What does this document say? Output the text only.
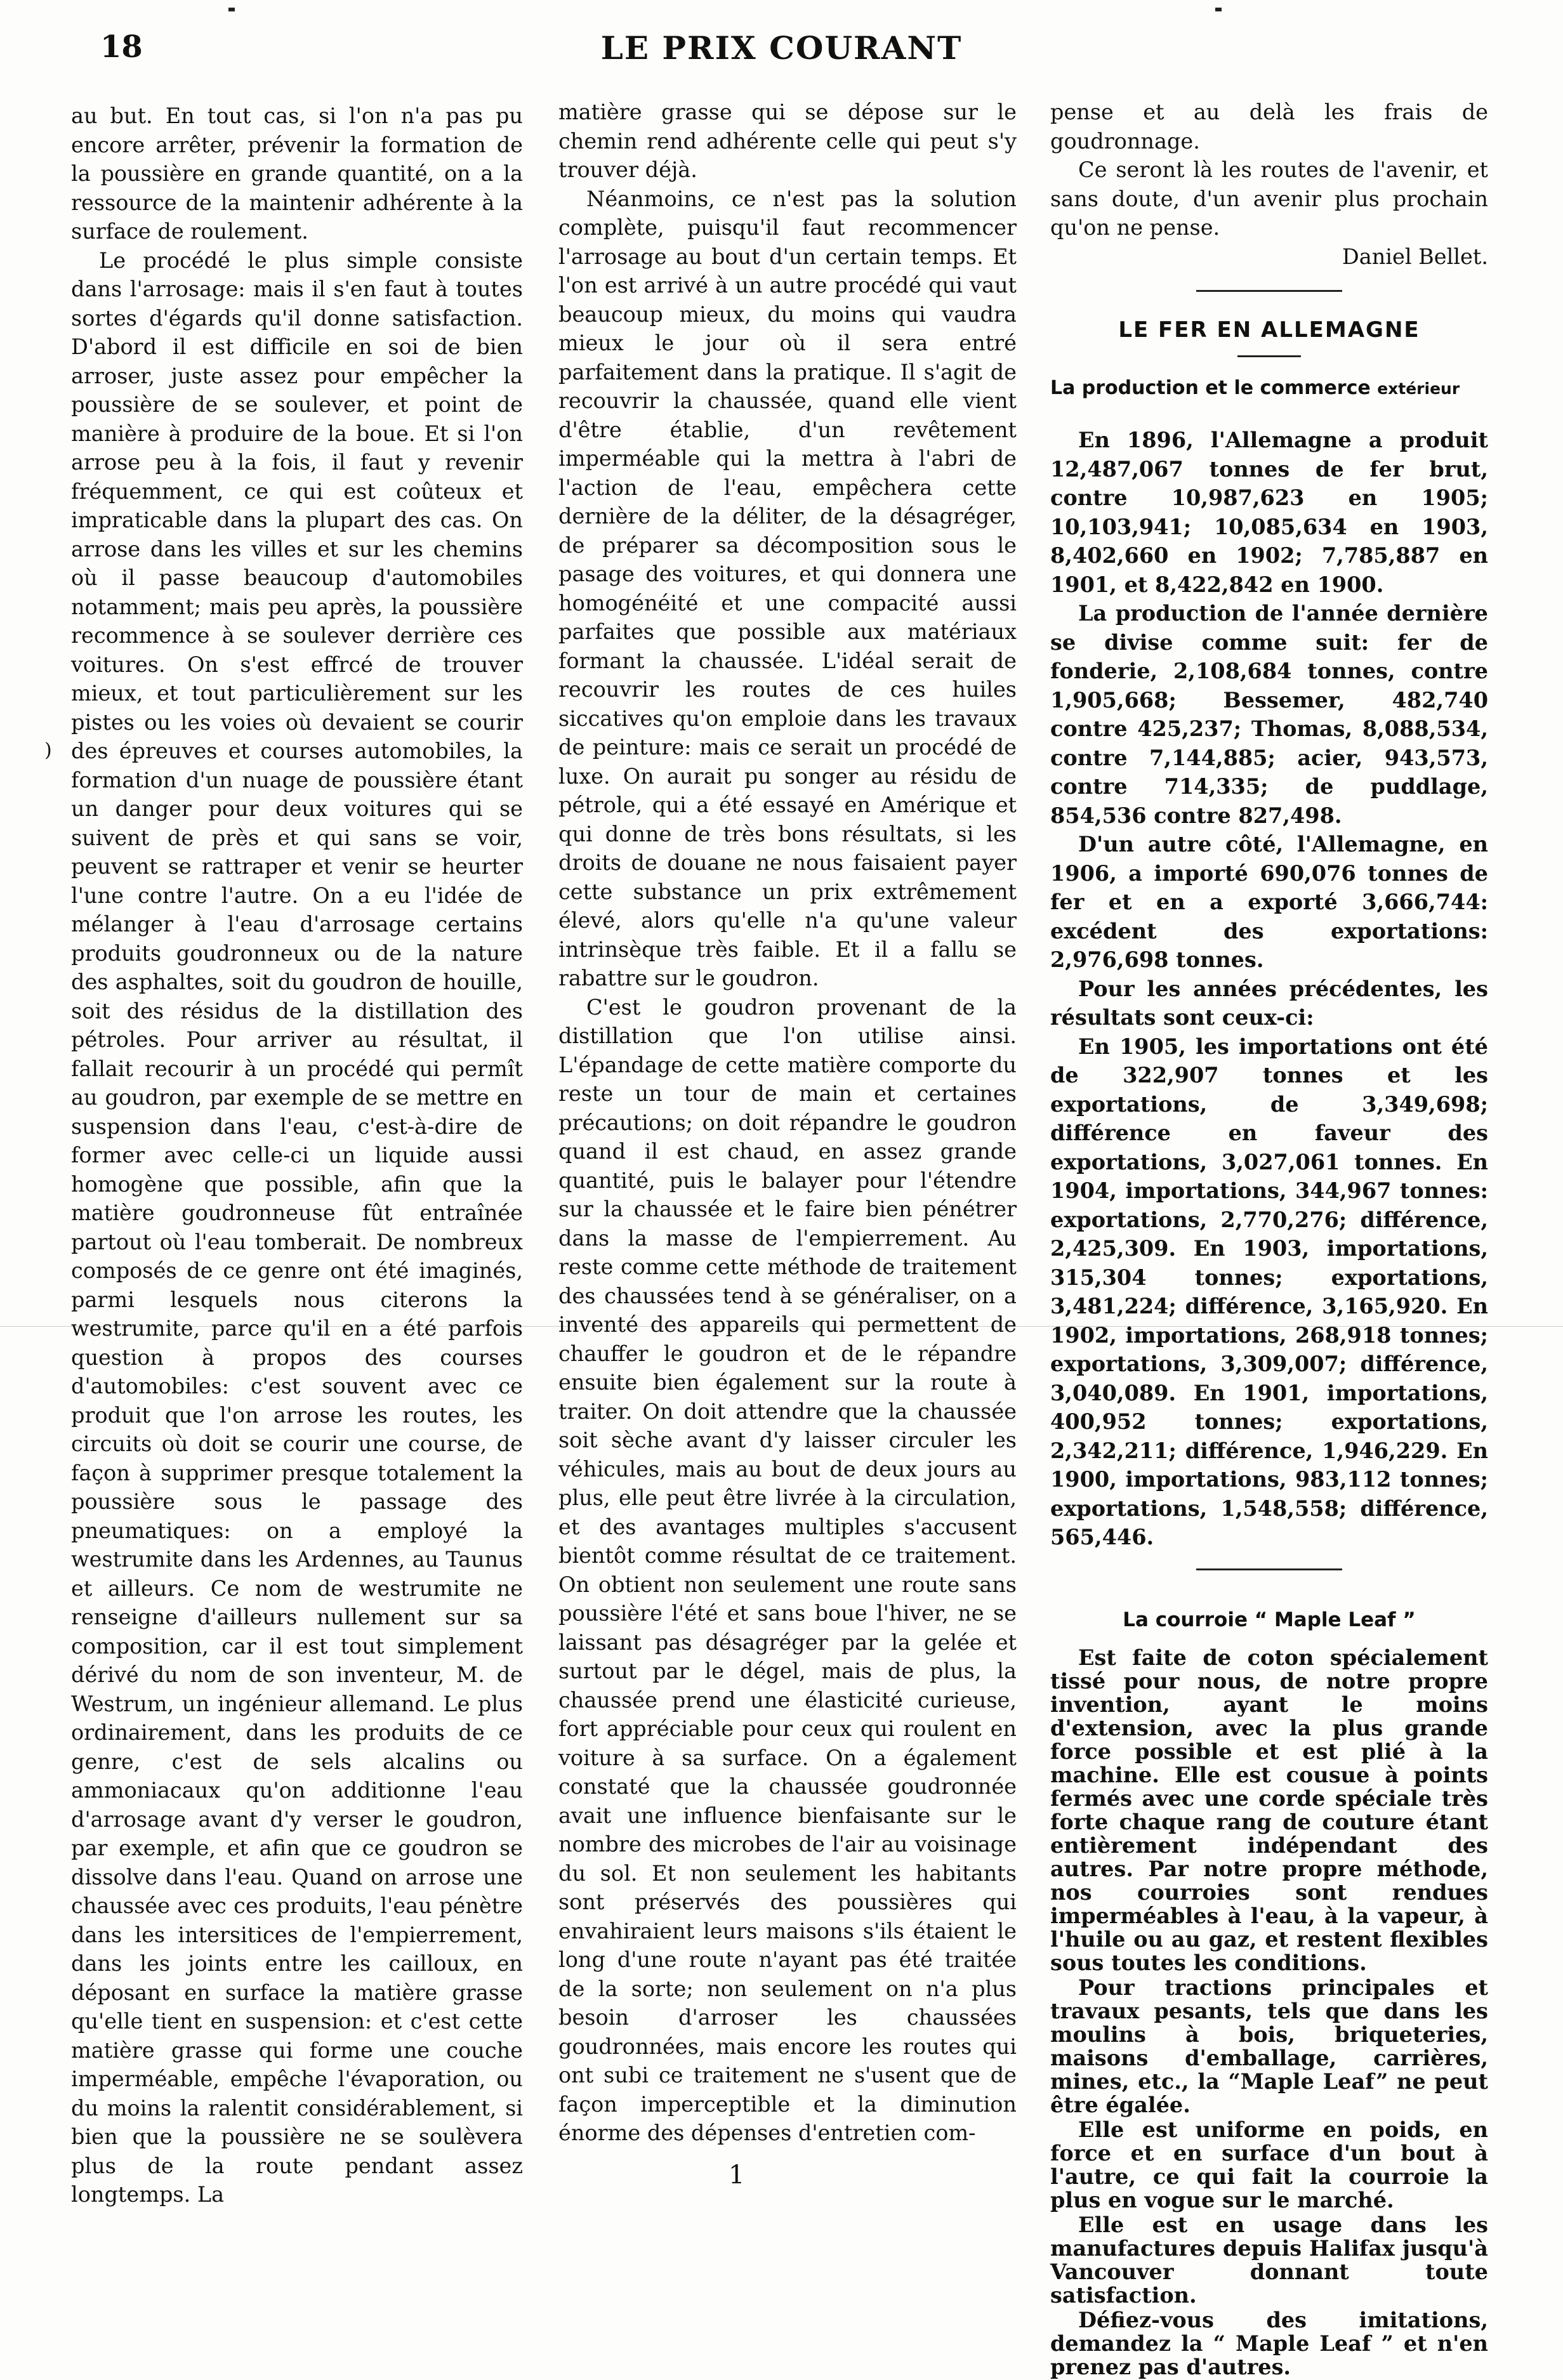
18	LE PRIX COURANT
)

au but. En tout cas, si l'on n'a pas pu encore arrêter, prévenir la formation de la poussière en grande quantité, on a la ressource de la maintenir adhérente à la surface de roulement.

Le procédé le plus simple consiste dans l'arrosage: mais il s'en faut à toutes sortes d'égards qu'il donne satisfaction. D'abord il est difficile en soi de bien arroser, juste assez pour empêcher la poussière de se soulever, et point de manière à produire de la boue. Et si l'on arrose peu à la fois, il faut y revenir fréquemment, ce qui est coûteux et impraticable dans la plupart des cas. On arrose dans les villes et sur les chemins où il passe beaucoup d'automobiles notamment; mais peu après, la poussière recommence à se soulever derrière ces voitures. On s'est effrcé de trouver mieux, et tout particulièrement sur les pistes ou les voies où devaient se courir des épreuves et courses automobiles, la formation d'un nuage de poussière étant un danger pour deux voitures qui se suivent de près et qui sans se voir, peuvent se rattraper et venir se heurter l'une contre l'autre. On a eu l'idée de mélanger à l'eau d'arrosage certains produits goudronneux ou de la nature des asphaltes, soit du goudron de houille, soit des résidus de la distillation des pétroles. Pour arriver au résultat, il fallait recourir à un procédé qui permît au goudron, par exemple de se mettre en suspension dans l'eau, c'est-à-dire de former avec celle-ci un liquide aussi homogène que possible, afin que la matière goudronneuse fût entraînée partout où l'eau tomberait. De nombreux composés de ce genre ont été imaginés, parmi lesquels nous citerons la westrumite, parce qu'il en a été parfois question à propos des courses d'automobiles: c'est souvent avec ce produit que l'on arrose les routes, les circuits où doit se courir une course, de façon à supprimer presque totalement la poussière sous le passage des pneumatiques: on a employé la westrumite dans les Ardennes, au Taunus et ailleurs. Ce nom de westrumite ne renseigne d'ailleurs nullement sur sa composition, car il est tout simplement dérivé du nom de son inventeur, M. de Westrum, un ingénieur allemand. Le plus ordinairement, dans les produits de ce genre, c'est de sels alcalins ou ammoniacaux qu'on additionne l'eau d'arrosage avant d'y verser le goudron, par exemple, et afin que ce goudron se dissolve dans l'eau. Quand on arrose une chaussée avec ces produits, l'eau pénètre dans les intersitices de l'empierrement, dans les joints entre les cailloux, en déposant en surface la matière grasse qu'elle tient en suspension: et c'est cette matière grasse qui forme une couche imperméable, empêche l'évaporation, ou du moins la ralentit considérablement, si bien que la poussière ne se soulèvera plus de la route pendant assez longtemps. La

matière grasse qui se dépose sur le chemin rend adhérente celle qui peut s'y trouver déjà.

Néanmoins, ce n'est pas la solution complète, puisqu'il faut recommencer l'arrosage au bout d'un certain temps. Et l'on est arrivé à un autre procédé qui vaut beaucoup mieux, du moins qui vaudra mieux le jour où il sera entré parfaitement dans la pratique. Il s'agit de recouvrir la chaussée, quand elle vient d'être établie, d'un revêtement imperméable qui la mettra à l'abri de l'action de l'eau, empêchera cette dernière de la déliter, de la désagréger, de préparer sa décomposition sous le pasage des voitures, et qui donnera une homogénéité et une compacité aussi parfaites que possible aux matériaux formant la chaussée. L'idéal serait de recouvrir les routes de ces huiles siccatives qu'on emploie dans les travaux de peinture: mais ce serait un procédé de luxe. On aurait pu songer au résidu de pétrole, qui a été essayé en Amérique et qui donne de très bons résultats, si les droits de douane ne nous faisaient payer cette substance un prix extrêmement élevé, alors qu'elle n'a qu'une valeur intrinsèque très faible. Et il a fallu se rabattre sur le goudron.

C'est le goudron provenant de la distillation que l'on utilise ainsi. L'épandage de cette matière comporte du reste un tour de main et certaines précautions; on doit répandre le goudron quand il est chaud, en assez grande quantité, puis le balayer pour l'étendre sur la chaussée et le faire bien pénétrer dans la masse de l'empierrement. Au reste comme cette méthode de traitement des chaussées tend à se généraliser, on a inventé des appareils qui permettent de chauffer le goudron et de le répandre ensuite bien également sur la route à traiter. On doit attendre que la chaussée soit sèche avant d'y laisser circuler les véhicules, mais au bout de deux jours au plus, elle peut être livrée à la circulation, et des avantages multiples s'accusent bientôt comme résultat de ce traitement. On obtient non seulement une route sans poussière l'été et sans boue l'hiver, ne se laissant pas désagréger par la gelée et surtout par le dégel, mais de plus, la chaussée prend une élasticité curieuse, fort appréciable pour ceux qui roulent en voiture à sa surface. On a également constaté que la chaussée goudronnée avait une influence bienfaisante sur le nombre des microbes de l'air au voisinage du sol. Et non seulement les habitants sont préservés des poussières qui envahiraient leurs maisons s'ils étaient le long d'une route n'ayant pas été traitée de la sorte; non seulement on n'a plus besoin d'arroser les chaussées goudronnées, mais encore les routes qui ont subi ce traitement ne s'usent que de façon imperceptible et la diminution énorme des dépenses d'entretien com-

pense et au delà les frais de goudronnage.

Ce seront là les routes de l'avenir, et sans doute, d'un avenir plus prochain qu'on ne pense.

Daniel Bellet.

LE FER EN ALLEMAGNE
La production et le commerce extérieur

En 1896, l'Allemagne a produit 12,487,067 tonnes de fer brut, contre 10,987,623 en 1905; 10,103,941; 10,085,634 en 1903, 8,402,660 en 1902; 7,785,887 en 1901, et 8,422,842 en 1900.

La production de l'année dernière se divise comme suit: fer de fonderie, 2,108,684 tonnes, contre 1,905,668; Bessemer, 482,740 contre 425,237; Thomas, 8,088,534, contre 7,144,885; acier, 943,573, contre 714,335; de puddlage, 854,536 contre 827,498.

D'un autre côté, l'Allemagne, en 1906, a importé 690,076 tonnes de fer et en a exporté 3,666,744: excédent des exportations: 2,976,698 tonnes.

Pour les années précédentes, les résultats sont ceux-ci:

En 1905, les importations ont été de 322,907 tonnes et les exportations, de 3,349,698; différence en faveur des exportations, 3,027,061 tonnes. En 1904, importations, 344,967 tonnes: exportations, 2,770,276; différence, 2,425,309. En 1903, importations, 315,304 tonnes; exportations, 3,481,224; différence, 3,165,920. En 1902, importations, 268,918 tonnes; exportations, 3,309,007; différence, 3,040,089. En 1901, importations, 400,952 tonnes; exportations, 2,342,211; différence, 1,946,229. En 1900, importations, 983,112 tonnes; exportations, 1,548,558; différence, 565,446.

La courroie “ Maple Leaf ”

Est faite de coton spécialement tissé pour nous, de notre propre invention, ayant le moins d'extension, avec la plus grande force possible et est plié à la machine. Elle est cousue à points fermés avec une corde spéciale très forte chaque rang de couture étant entièrement indépendant des autres. Par notre propre méthode, nos courroies sont rendues imperméables à l'eau, à la vapeur, à l'huile ou au gaz, et restent flexibles sous toutes les conditions.

Pour tractions principales et travaux pesants, tels que dans les moulins à bois, briqueteries, maisons d'emballage, carrières, mines, etc., la “Maple Leaf” ne peut être égalée.

Elle est uniforme en poids, en force et en surface d'un bout à l'autre, ce qui fait la courroie la plus en vogue sur le marché.

Elle est en usage dans les manufactures depuis Halifax jusqu'à Vancouver donnant toute satisfaction.

Défiez-vous des imitations, demandez la “ Maple Leaf ” et n'en prenez pas d'autres.

1
